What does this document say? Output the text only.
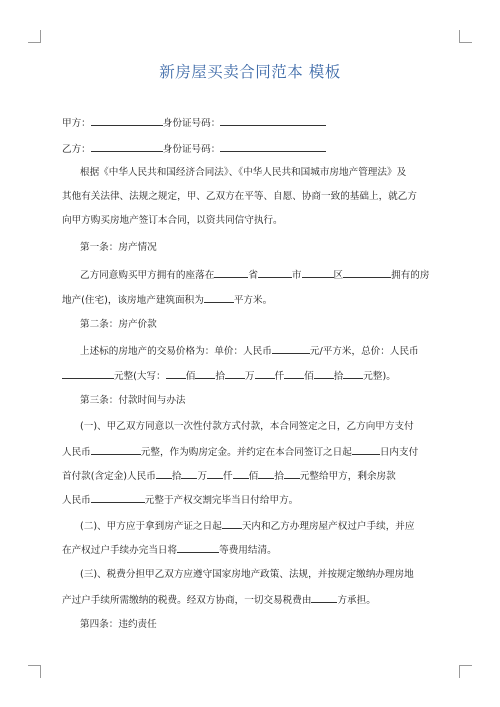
新房屋买卖合同范本 模板
甲方：	身份证号码：
乙方：	身份证号码：
根据《中华人民共和国经济合同法》、《中华人民共和国城市房地产管理法》及
其他有关法律、法规之规定，甲、乙双方在平等、自愿、协商一致的基础上，就乙方
向甲方购买房地产签订本合同，以资共同信守执行。
第一条：房产情况
乙方同意购买甲方拥有的座落在	省	市	区	拥有的房
地产(住宅)，该房地产建筑面积为	平方米。
第二条：房产价款
上述标的房地产的交易价格为：单价：人民币	元/平方米，总价：人民币
元整(大写： 佰 拾 万 仟 佰 拾 元整)。
第三条：付款时间与办法
(一)、甲乙双方同意以一次性付款方式付款，本合同签定之日，乙方向甲方支付
人民币	元整，作为购房定金。并约定在本合同签订之日起	日内支付
首付款(含定金)人民币 拾 万 仟 佰 拾 元整给甲方，剩余房款
人民币	元整于产权交割完毕当日付给甲方。
(二)、甲方应于拿到房产证之日起 天内和乙方办理房屋产权过户手续，并应
在产权过户手续办完当日将	等费用结清。
(三)、税费分担甲乙双方应遵守国家房地产政策、法规，并按规定缴纳办理房地
产过户手续所需缴纳的税费。经双方协商，一切交易税费由	方承担。
第四条：违约责任
